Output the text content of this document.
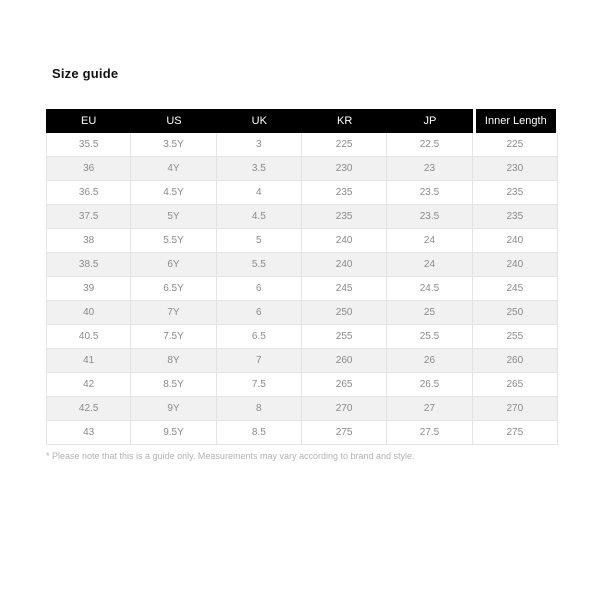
Size guide
EU	US	UK	KR	JP	Inner Length
35.5	3.5Y	3	225	22.5	225
36	4Y	3.5	230	23	230
36.5	4.5Y	4	235	23.5	235
37.5	5Y	4.5	235	23.5	235
38	5.5Y	5	240	24	240
38.5	6Y	5.5	240	24	240
39	6.5Y	6	245	24.5	245
40	7Y	6	250	25	250
40.5	7.5Y	6.5	255	25.5	255
41	8Y	7	260	26	260
42	8.5Y	7.5	265	26.5	265
42.5	9Y	8	270	27	270
43	9.5Y	8.5	275	27.5	275

* Please note that this is a guide only. Measurements may vary according to brand and style.
